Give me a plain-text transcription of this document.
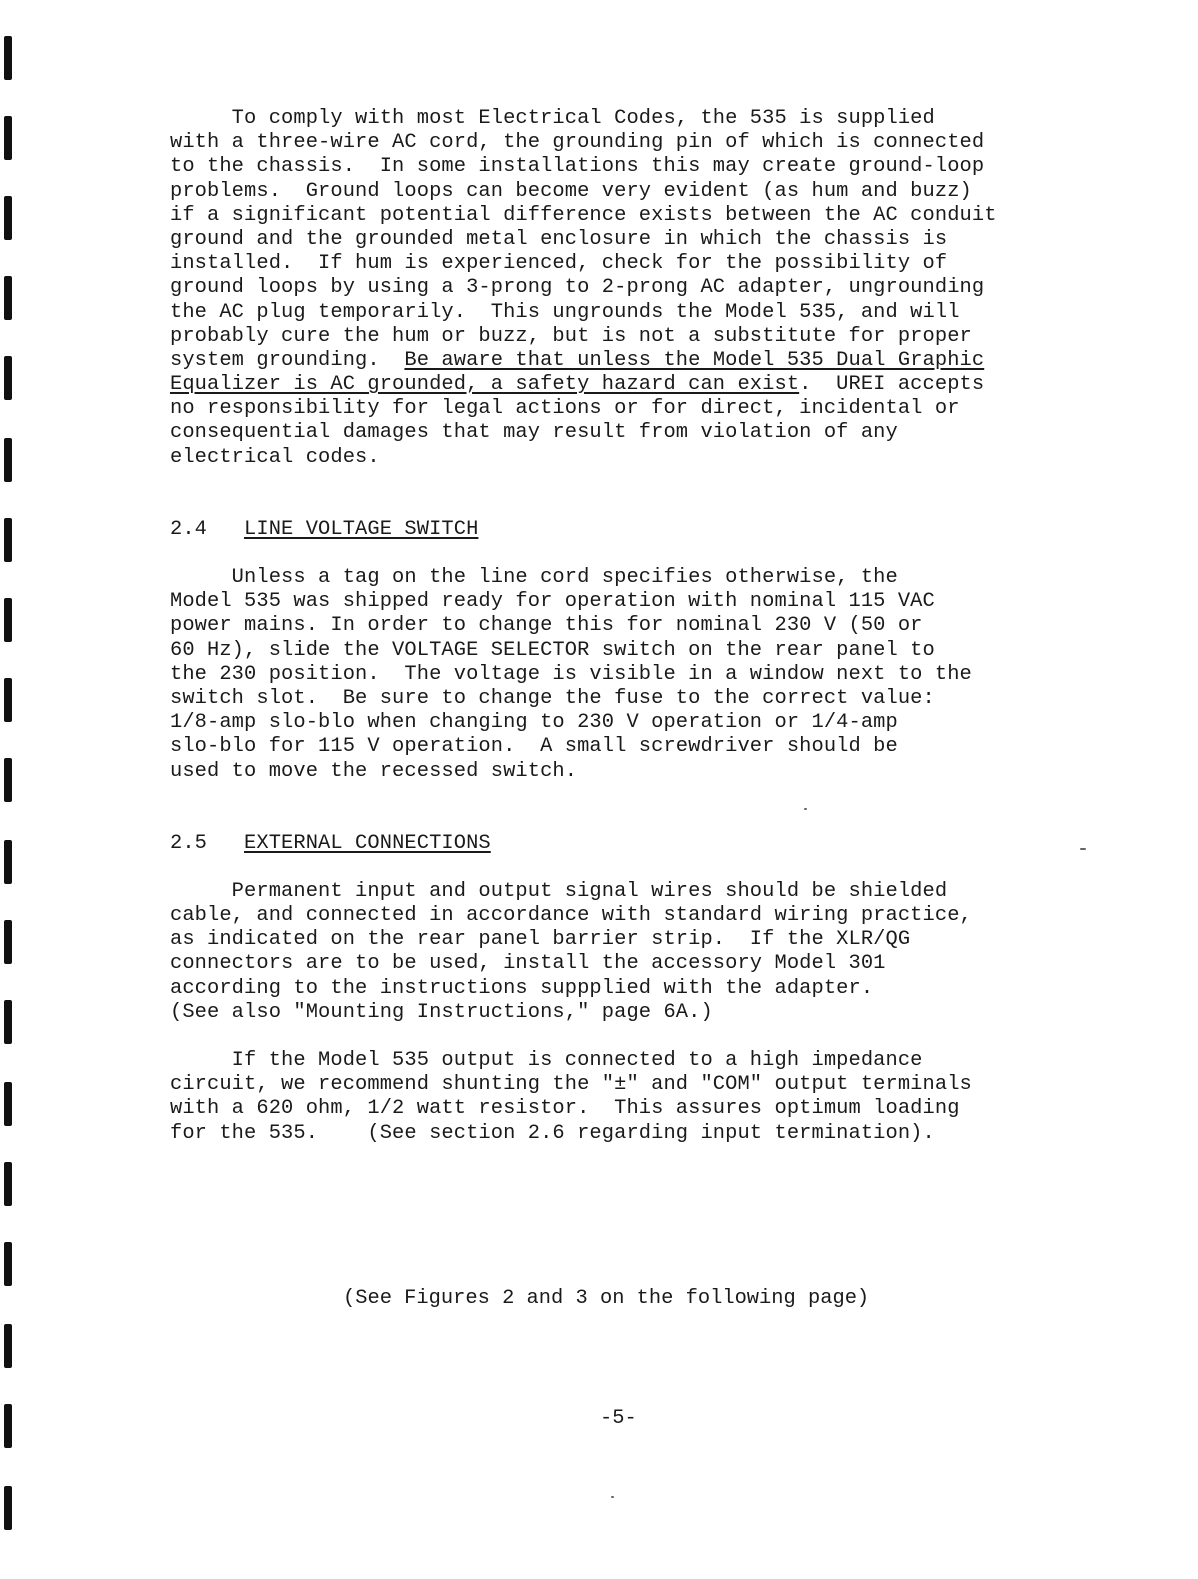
To comply with most Electrical Codes, the 535 is supplied
with a three-wire AC cord, the grounding pin of which is connected
to the chassis.  In some installations this may create ground-loop
problems.  Ground loops can become very evident (as hum and buzz)
if a significant potential difference exists between the AC conduit
ground and the grounded metal enclosure in which the chassis is
installed.  If hum is experienced, check for the possibility of
ground loops by using a 3-prong to 2-prong AC adapter, ungrounding
the AC plug temporarily.  This ungrounds the Model 535, and will
probably cure the hum or buzz, but is not a substitute for proper
system grounding.  Be aware that unless the Model 535 Dual Graphic
Equalizer is AC grounded, a safety hazard can exist.  UREI accepts
no responsibility for legal actions or for direct, incidental or
consequential damages that may result from violation of any
electrical codes.
2.4 LINE VOLTAGE SWITCH
Unless a tag on the line cord specifies otherwise, the
Model 535 was shipped ready for operation with nominal 115 VAC
power mains. In order to change this for nominal 230 V (50 or
60 Hz), slide the VOLTAGE SELECTOR switch on the rear panel to
the 230 position.  The voltage is visible in a window next to the
switch slot.  Be sure to change the fuse to the correct value:
1/8-amp slo-blo when changing to 230 V operation or 1/4-amp
slo-blo for 115 V operation.  A small screwdriver should be
used to move the recessed switch.
2.5 EXTERNAL CONNECTIONS
Permanent input and output signal wires should be shielded
cable, and connected in accordance with standard wiring practice,
as indicated on the rear panel barrier strip.  If the XLR/QG
connectors are to be used, install the accessory Model 301
according to the instructions suppplied with the adapter.
(See also "Mounting Instructions," page 6A.)
If the Model 535 output is connected to a high impedance
circuit, we recommend shunting the "±" and "COM" output terminals
with a 620 ohm, 1/2 watt resistor.  This assures optimum loading
for the 535.    (See section 2.6 regarding input termination).
(See Figures 2 and 3 on the following page)
-5-
